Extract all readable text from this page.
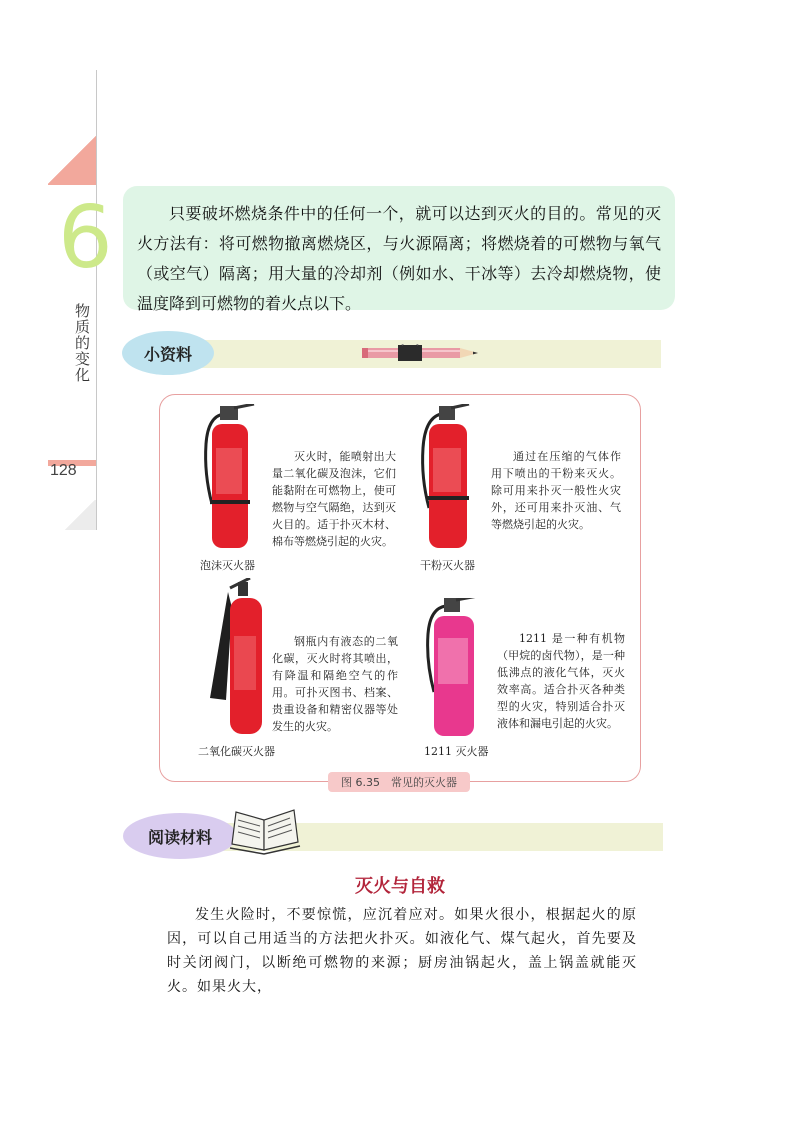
6
物质的变化
128
只要破坏燃烧条件中的任何一个，就可以达到灭火的目的。常见的灭火方法有：将可燃物撤离燃烧区，与火源隔离；将燃烧着的可燃物与氧气（或空气）隔离；用大量的冷却剂（例如水、干冰等）去冷却燃烧物，使温度降到可燃物的着火点以下。
小资料
灭火时，能喷射出大量二氧化碳及泡沫，它们能黏附在可燃物上，使可燃物与空气隔绝，达到灭火目的。适于扑灭木材、棉布等燃烧引起的火灾。
泡沫灭火器
通过在压缩的气体作用下喷出的干粉来灭火。除可用来扑灭一般性火灾外，还可用来扑灭油、气等燃烧引起的火灾。
干粉灭火器
钢瓶内有液态的二氧化碳，灭火时将其喷出，有降温和隔绝空气的作用。可扑灭图书、档案、贵重设备和精密仪器等处发生的火灾。
二氧化碳灭火器
1211 是一种有机物（甲烷的卤代物），是一种低沸点的液化气体，灭火效率高。适合扑灭各种类型的火灾，特别适合扑灭液体和漏电引起的火灾。
1211 灭火器
图 6.35　常见的灭火器
阅读材料
灭火与自救
发生火险时，不要惊慌，应沉着应对。如果火很小，根据起火的原因，可以自己用适当的方法把火扑灭。如液化气、煤气起火，首先要及时关闭阀门，以断绝可燃物的来源；厨房油锅起火，盖上锅盖就能灭火。如果火大，
